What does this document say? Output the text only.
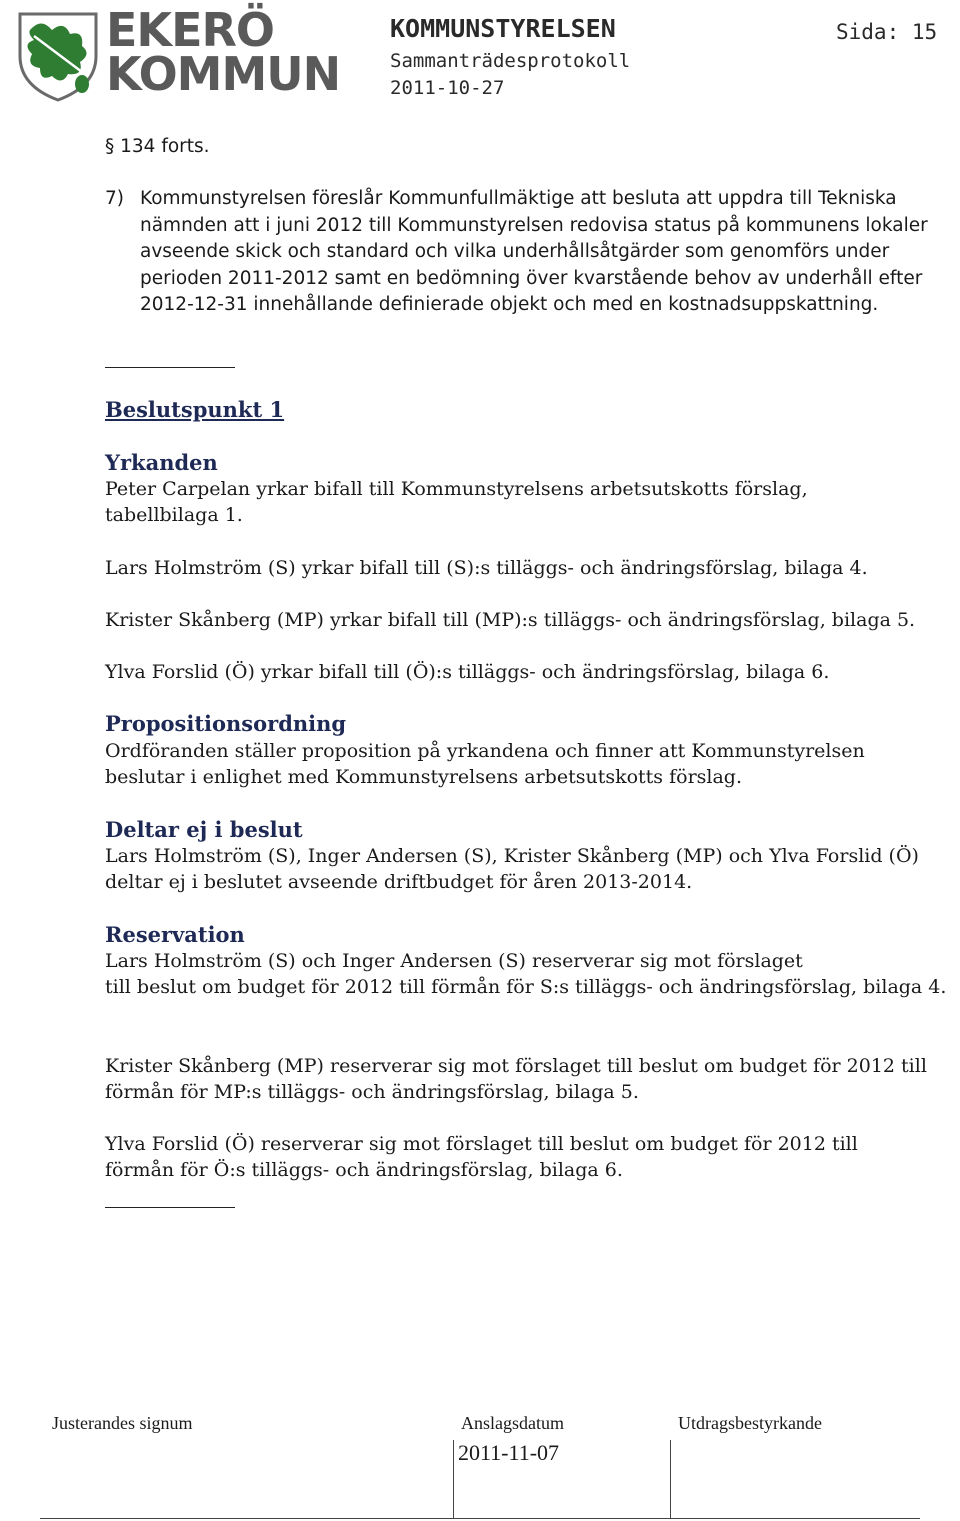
EKERÖ
KOMMUN
KOMMUNSTYRELSEN
Sammanträdesprotokoll
2011-10-27
Sida: 15
§ 134 forts.
7) Kommunstyrelsen föreslår Kommunfullmäktige att besluta att uppdra till Tekniska nämnden att i juni 2012 till Kommunstyrelsen redovisa status på kommunens lokaler avseende skick och standard och vilka underhållsåtgärder som genomförs under perioden 2011-2012 samt en bedömning över kvarstående behov av underhåll efter 2012-12-31 innehållande definierade objekt och med en kostnadsuppskattning.
Beslutspunkt 1
Yrkanden
Peter Carpelan yrkar bifall till Kommunstyrelsens arbetsutskotts förslag, tabellbilaga 1.
Lars Holmström (S) yrkar bifall till (S):s tilläggs- och ändringsförslag, bilaga 4.
Krister Skånberg (MP) yrkar bifall till (MP):s tilläggs- och ändringsförslag, bilaga 5.
Ylva Forslid (Ö) yrkar bifall till (Ö):s tilläggs- och ändringsförslag, bilaga 6.
Propositionsordning
Ordföranden ställer proposition på yrkandena och finner att Kommunstyrelsen beslutar i enlighet med Kommunstyrelsens arbetsutskotts förslag.
Deltar ej i beslut
Lars Holmström (S), Inger Andersen (S), Krister Skånberg (MP) och Ylva Forslid (Ö) deltar ej i beslutet avseende driftbudget för åren 2013-2014.
Reservation
Lars Holmström (S) och Inger Andersen (S) reserverar sig mot förslaget
till beslut om budget för 2012 till förmån för S:s tilläggs- och ändringsförslag, bilaga 4.
Krister Skånberg (MP) reserverar sig mot förslaget till beslut om budget för 2012 till förmån för MP:s tilläggs- och ändringsförslag, bilaga 5.
Ylva Forslid (Ö) reserverar sig mot förslaget till beslut om budget för 2012 till förmån för Ö:s tilläggs- och ändringsförslag, bilaga 6.
Justerandes signum	Anslagsdatum	Utdragsbestyrkande
2011-11-07
